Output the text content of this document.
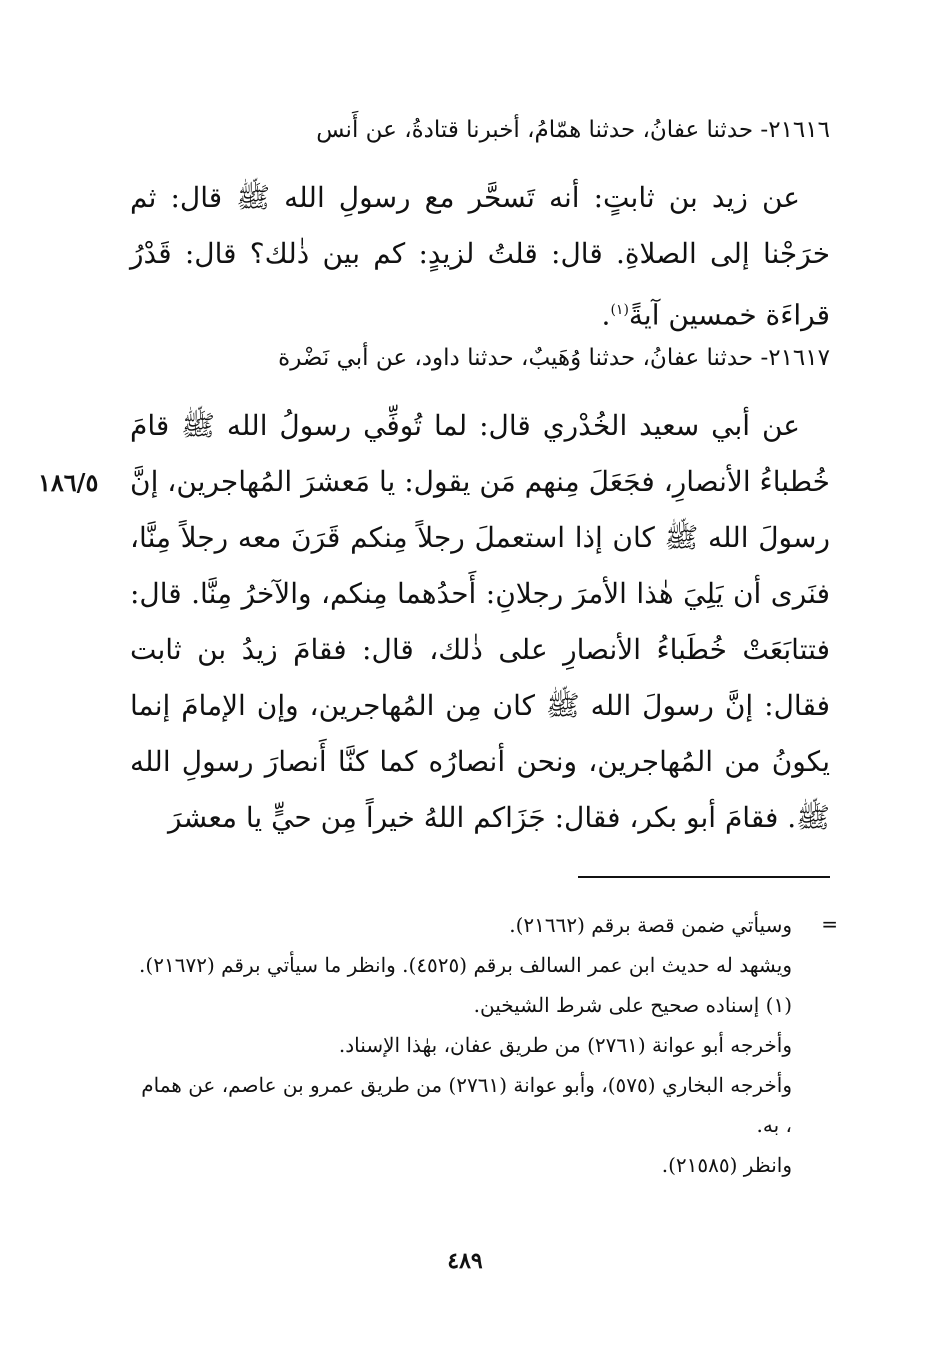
٢١٦١٦- حدثنا عفانُ، حدثنا همّامُ، أخبرنا قتادةُ، عن أَنس

عن زيد بن ثابتٍ: أنه تَسحَّر مع رسولِ الله ﷺ قال: ثم خرَجْنا إلى الصلاةِ. قال: قلتُ لزيدٍ: كم بين ذٰلك؟ قال: قَدْرُ قراءَة خمسين آيةً$^{(١)}$.

٢١٦١٧- حدثنا عفانُ، حدثنا وُهَيبٌ، حدثنا داود، عن أبي نَضْرة

عن أبي سعيد الخُدْري قال: لما تُوفِّي رسولُ الله ﷺ قامَ خُطباءُ الأنصارِ، فجَعَلَ مِنهم مَن يقول: يا مَعشرَ المُهاجرين، إنَّ رسولَ الله ﷺ كان إذا استعملَ رجلاً مِنكم قَرَنَ معه رجلاً مِنَّا، فنَرى أن يَلِيَ هٰذا الأمرَ رجلانِ: أَحدُهما مِنكم، والآخرُ مِنَّا. قال: فتتابَعَتْ خُطَباءُ الأنصارِ على ذٰلك، قال: فقامَ زيدُ بن ثابت فقال: إنَّ رسولَ الله ﷺ كان مِن المُهاجرين، وإن الإمامَ إنما يكونُ من المُهاجرين، ونحن أنصارُه كما كنَّا أَنصارَ رسولِ الله ﷺ. فقامَ أبو بكر، فقال: جَزَاكم اللهُ خيراً مِن حيٍّ يا معشرَ

١٨٦/٥
=

وسيأتي ضمن قصة برقم (٢١٦٦٢).

ويشهد له حديث ابن عمر السالف برقم (٤٥٢٥). وانظر ما سيأتي برقم (٢١٦٧٢).

(١) إسناده صحيح على شرط الشيخين.

وأخرجه أبو عوانة (٢٧٦١) من طريق عفان، بهٰذا الإسناد.

وأخرجه البخاري (٥٧٥)، وأبو عوانة (٢٧٦١) من طريق عمرو بن عاصم، عن همام ، به.

وانظر (٢١٥٨٥).

٤٨٩
